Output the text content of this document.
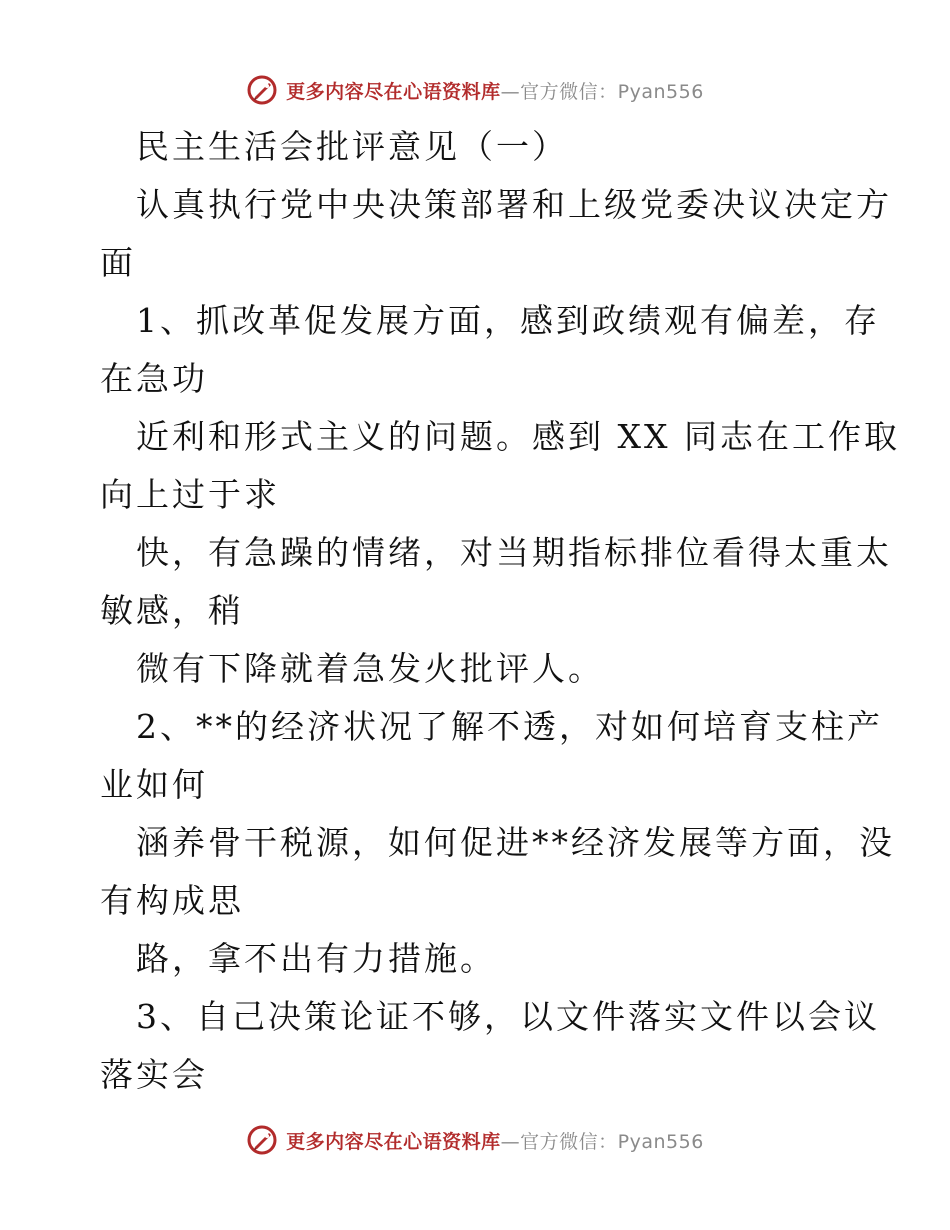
更多内容尽在心语资料库—官方微信：Pyan556
民主生活会批评意见（一）
认真执行党中央决策部署和上级党委决议决定方
面
1、抓改革促发展方面，感到政绩观有偏差，存
在急功
近利和形式主义的问题。感到 XX 同志在工作取
向上过于求
快，有急躁的情绪，对当期指标排位看得太重太
敏感，稍
微有下降就着急发火批评人。
2、**的经济状况了解不透，对如何培育支柱产
业如何
涵养骨干税源，如何促进**经济发展等方面，没
有构成思
路，拿不出有力措施。
3、自己决策论证不够，以文件落实文件以会议
落实会
更多内容尽在心语资料库—官方微信：Pyan556
